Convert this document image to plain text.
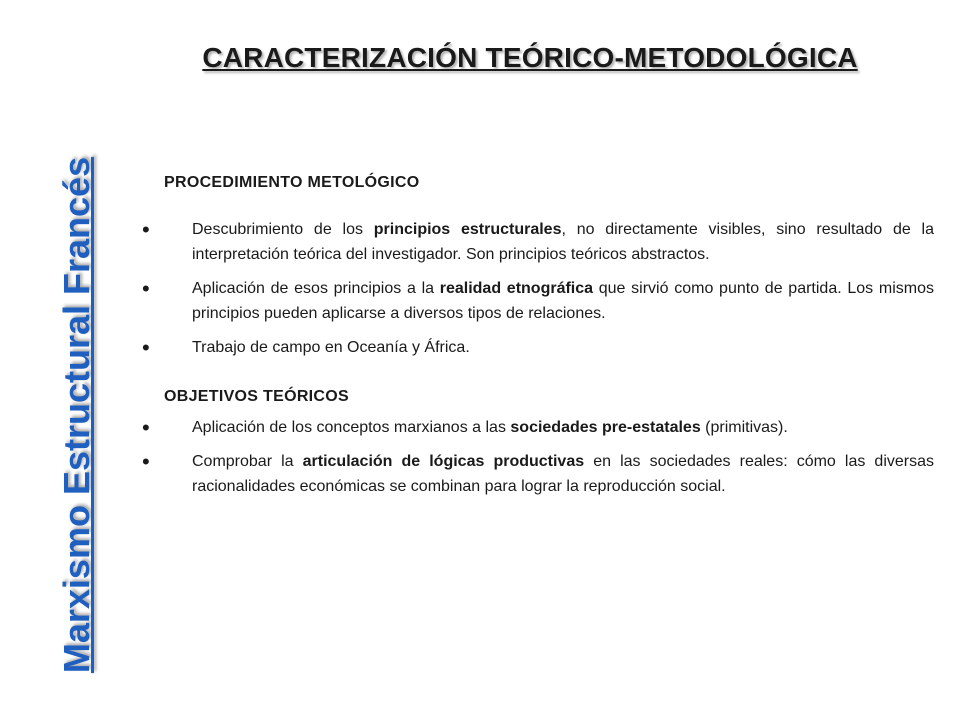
CARACTERIZACIÓN TEÓRICO-METODOLÓGICA
Marxismo Estructural Francés	PROCEDIMIENTO METOLÓGICO

•	Descubrimiento de los principios estructurales, no directamente visibles, sino resultado de la interpretación teórica del investigador. Son principios teóricos abstractos.
•	Aplicación de esos principios a la realidad etnográfica que sirvió como punto de partida. Los mismos principios pueden aplicarse a diversos tipos de relaciones.
•	Trabajo de campo en Oceanía y África.

OBJETIVOS TEÓRICOS

•	Aplicación de los conceptos marxianos a las sociedades pre-estatales (primitivas).
•	Comprobar la articulación de lógicas productivas en las sociedades reales: cómo las diversas racionalidades económicas se combinan para lograr la reproducción social.
